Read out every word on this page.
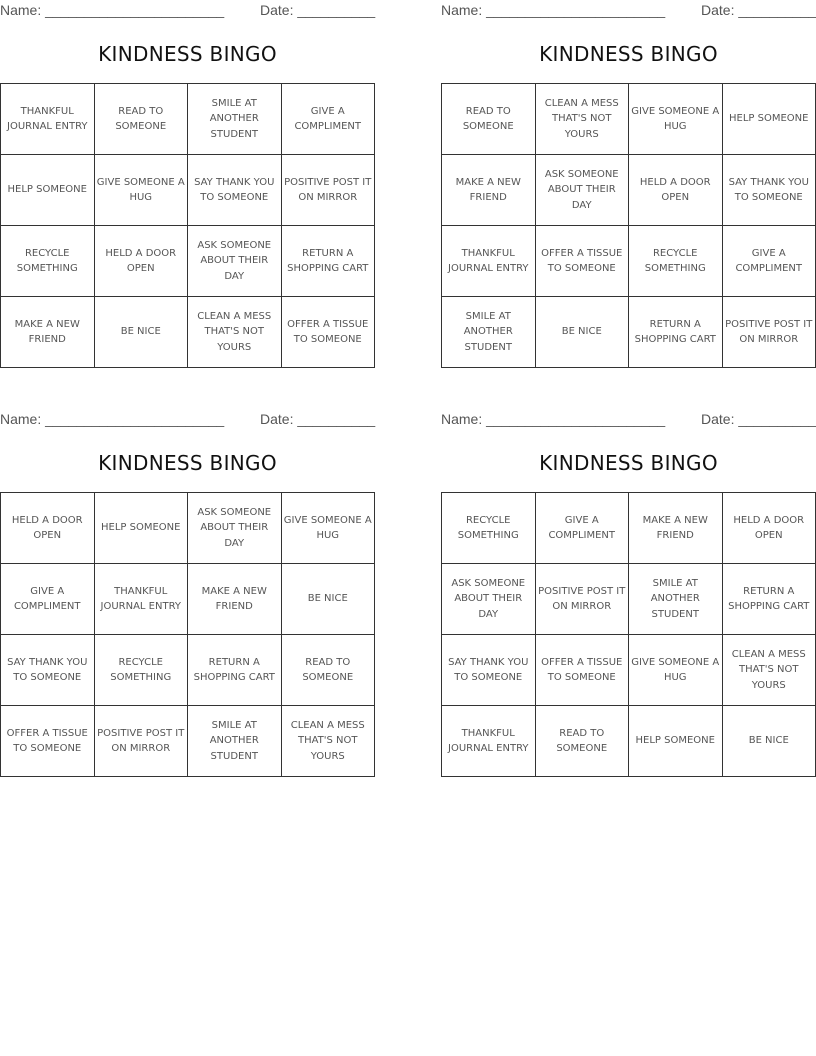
Name: _______________________	Date: __________
KINDNESS BINGO
THANKFUL JOURNAL ENTRY	READ TO SOMEONE	SMILE AT ANOTHER STUDENT	GIVE A COMPLIMENT
HELP SOMEONE	GIVE SOMEONE A HUG	SAY THANK YOU TO SOMEONE	POSITIVE POST IT ON MIRROR
RECYCLE SOMETHING	HELD A DOOR OPEN	ASK SOMEONE ABOUT THEIR DAY	RETURN A SHOPPING CART
MAKE A NEW FRIEND	BE NICE	CLEAN A MESS THAT'S NOT YOURS	OFFER A TISSUE TO SOMEONE
Name: _______________________	Date: __________
KINDNESS BINGO
READ TO SOMEONE	CLEAN A MESS THAT'S NOT YOURS	GIVE SOMEONE A HUG	HELP SOMEONE
MAKE A NEW FRIEND	ASK SOMEONE ABOUT THEIR DAY	HELD A DOOR OPEN	SAY THANK YOU TO SOMEONE
THANKFUL JOURNAL ENTRY	OFFER A TISSUE TO SOMEONE	RECYCLE SOMETHING	GIVE A COMPLIMENT
SMILE AT ANOTHER STUDENT	BE NICE	RETURN A SHOPPING CART	POSITIVE POST IT ON MIRROR
Name: _______________________	Date: __________
KINDNESS BINGO
HELD A DOOR OPEN	HELP SOMEONE	ASK SOMEONE ABOUT THEIR DAY	GIVE SOMEONE A HUG
GIVE A COMPLIMENT	THANKFUL JOURNAL ENTRY	MAKE A NEW FRIEND	BE NICE
SAY THANK YOU TO SOMEONE	RECYCLE SOMETHING	RETURN A SHOPPING CART	READ TO SOMEONE
OFFER A TISSUE TO SOMEONE	POSITIVE POST IT ON MIRROR	SMILE AT ANOTHER STUDENT	CLEAN A MESS THAT'S NOT YOURS
Name: _______________________	Date: __________
KINDNESS BINGO
RECYCLE SOMETHING	GIVE A COMPLIMENT	MAKE A NEW FRIEND	HELD A DOOR OPEN
ASK SOMEONE ABOUT THEIR DAY	POSITIVE POST IT ON MIRROR	SMILE AT ANOTHER STUDENT	RETURN A SHOPPING CART
SAY THANK YOU TO SOMEONE	OFFER A TISSUE TO SOMEONE	GIVE SOMEONE A HUG	CLEAN A MESS THAT'S NOT YOURS
THANKFUL JOURNAL ENTRY	READ TO SOMEONE	HELP SOMEONE	BE NICE
